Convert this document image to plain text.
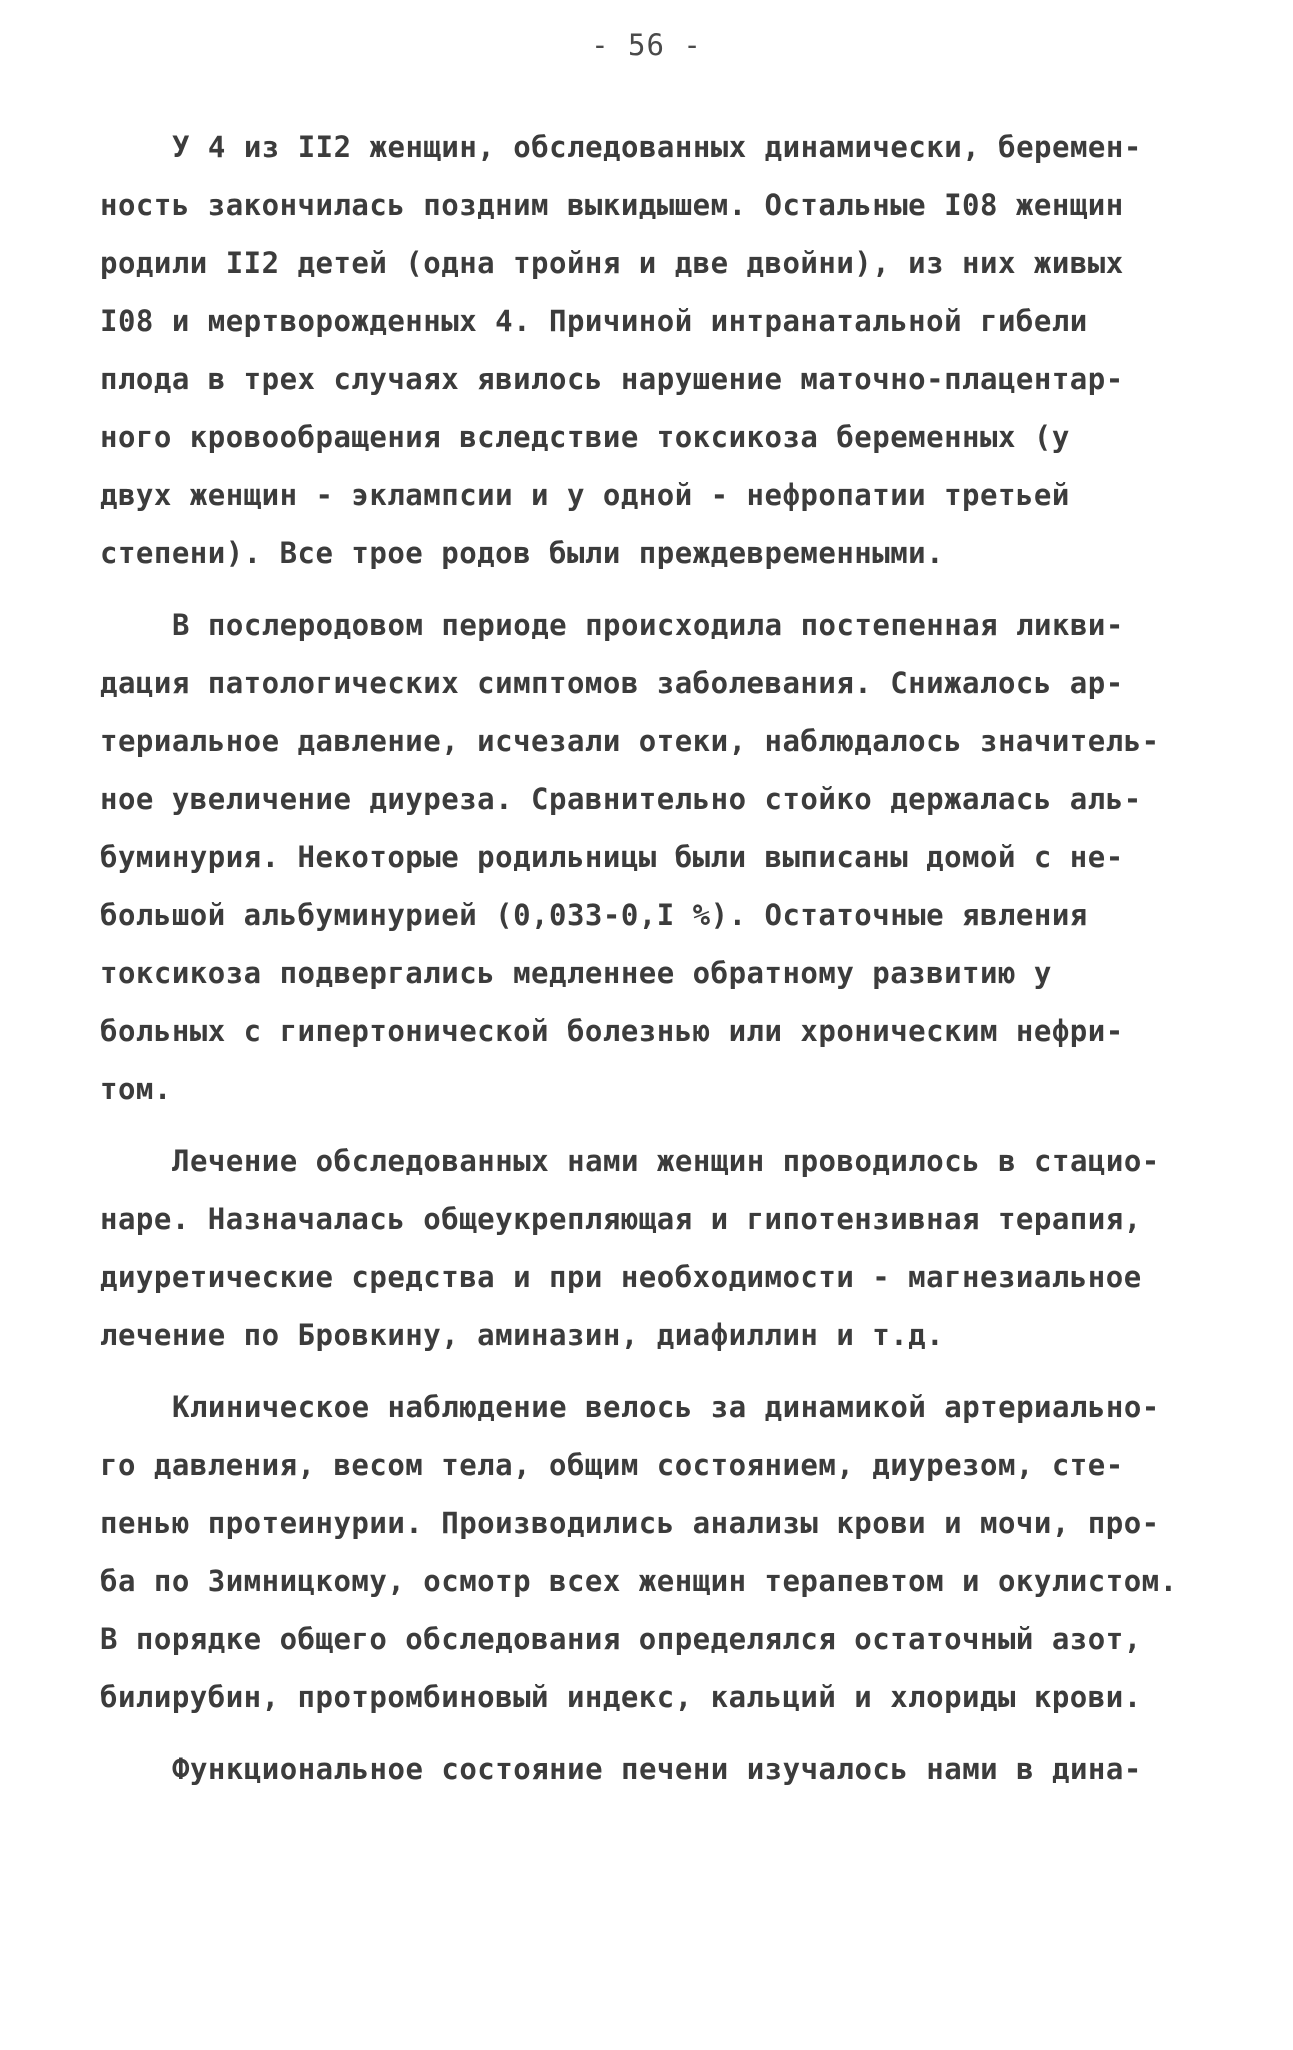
- 56 -
У 4 из II2 женщин, обследованных динамически, беремен-
ность закончилась поздним выкидышем. Остальные I08 женщин
родили II2 детей (одна тройня и две двойни), из них живых
I08 и мертворожденных 4. Причиной интранатальной гибели
плода в трех случаях явилось нарушение маточно-плацентар-
ного кровообращения вследствие токсикоза беременных (у
двух женщин - эклампсии и у одной - нефропатии третьей
степени). Все трое родов были преждевременными.
В послеродовом периоде происходила постепенная ликви-
дация патологических симптомов заболевания. Снижалось ар-
териальное давление, исчезали отеки, наблюдалось значитель-
ное увеличение диуреза. Сравнительно стойко держалась аль-
буминурия. Некоторые родильницы были выписаны домой с не-
большой альбуминурией (0,033-0,I %). Остаточные явления
токсикоза подвергались медленнее обратному развитию у
больных с гипертонической болезнью или хроническим нефри-
том.
Лечение обследованных нами женщин проводилось в стацио-
наре. Назначалась общеукрепляющая и гипотензивная терапия,
диуретические средства и при необходимости - магнезиальное
лечение по Бровкину, аминазин, диафиллин и т.д.
Клиническое наблюдение велось за динамикой артериально-
го давления, весом тела, общим состоянием, диурезом, сте-
пенью протеинурии. Производились анализы крови и мочи, про-
ба по Зимницкому, осмотр всех женщин терапевтом и окулистом.
В порядке общего обследования определялся остаточный азот,
билирубин, протромбиновый индекс, кальций и хлориды крови.
Функциональное состояние печени изучалось нами в дина-
